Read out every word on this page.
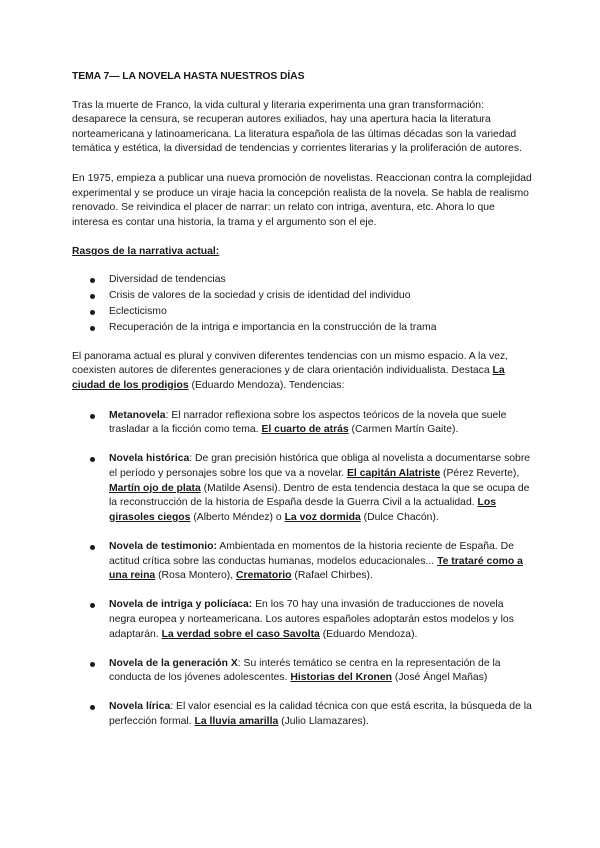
TEMA 7— LA NOVELA HASTA NUESTROS DÍAS

Tras la muerte de Franco, la vida cultural y literaria experimenta una gran transformación: desaparece la censura, se recuperan autores exiliados, hay una apertura hacia la literatura norteamericana y latinoamericana. La literatura española de las últimas décadas son la variedad temática y estética, la diversidad de tendencias y corrientes literarias y la proliferación de autores.

En 1975, empieza a publicar una nueva promoción de novelistas. Reaccionan contra la complejidad experimental y se produce un viraje hacia la concepción realista de la novela. Se habla de realismo renovado. Se reivindica el placer de narrar: un relato con intriga, aventura, etc. Ahora lo que interesa es contar una historia, la trama y el argumento son el eje.

Rasgos de la narrativa actual:
Diversidad de tendencias
Crisis de valores de la sociedad y crisis de identidad del individuo
Eclecticismo
Recuperación de la intriga e importancia en la construcción de la trama

El panorama actual es plural y conviven diferentes tendencias con un mismo espacio. A la vez, coexisten autores de diferentes generaciones y de clara orientación individualista. Destaca La ciudad de los prodigios (Eduardo Mendoza). Tendencias:

Metanovela: El narrador reflexiona sobre los aspectos teóricos de la novela que suele trasladar a la ficción como tema. El cuarto de atrás (Carmen Martín Gaite).
Novela histórica: De gran precisión histórica que obliga al novelista a documentarse sobre el período y personajes sobre los que va a novelar. El capitán Alatriste (Pérez Reverte), Martín ojo de plata (Matilde Asensi). Dentro de esta tendencia destaca la que se ocupa de la reconstrucción de la historia de España desde la Guerra Civil a la actualidad. Los girasoles ciegos (Alberto Méndez) o La voz dormida (Dulce Chacón).
Novela de testimonio: Ambientada en momentos de la historia reciente de España. De actitud crítica sobre las conductas humanas, modelos educacionales... Te trataré como a una reina (Rosa Montero), Crematorio (Rafael Chirbes).
Novela de intriga y policíaca: En los 70 hay una invasión de traducciones de novela negra europea y norteamericana. Los autores españoles adoptarán estos modelos y los adaptarán. La verdad sobre el caso Savolta (Eduardo Mendoza).
Novela de la generación X: Su interés temático se centra en la representación de la conducta de los jóvenes adolescentes. Historias del Kronen (José Ángel Mañas)
Novela lírica: El valor esencial es la calidad técnica con que está escrita, la búsqueda de la perfección formal. La lluvia amarilla (Julio Llamazares).
